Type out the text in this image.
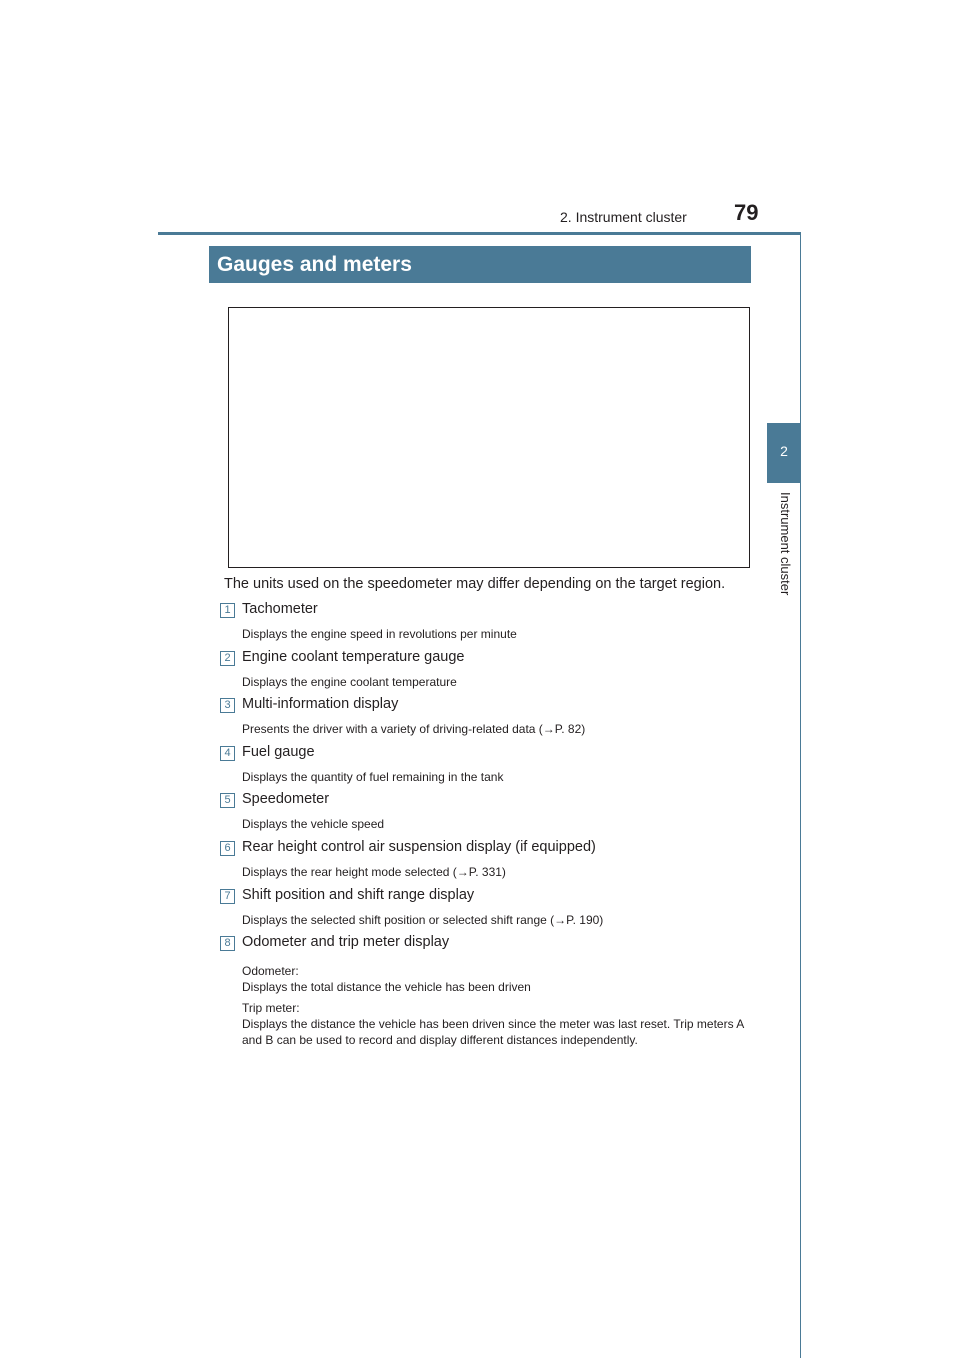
2. Instrument cluster 79
2
Instrument cluster
Gauges and meters
The units used on the speedometer may differ depending on the target region.
1 Tachometer
Displays the engine speed in revolutions per minute
2 Engine coolant temperature gauge
Displays the engine coolant temperature
3 Multi-information display
Presents the driver with a variety of driving-related data (→P. 82)
4 Fuel gauge
Displays the quantity of fuel remaining in the tank
5 Speedometer
Displays the vehicle speed
6 Rear height control air suspension display (if equipped)
Displays the rear height mode selected (→P. 331)
7 Shift position and shift range display
Displays the selected shift position or selected shift range (→P. 190)
8 Odometer and trip meter display
Odometer:
Displays the total distance the vehicle has been driven
Trip meter:
Displays the distance the vehicle has been driven since the meter was last reset. Trip meters A and B can be used to record and display different distances independently.
